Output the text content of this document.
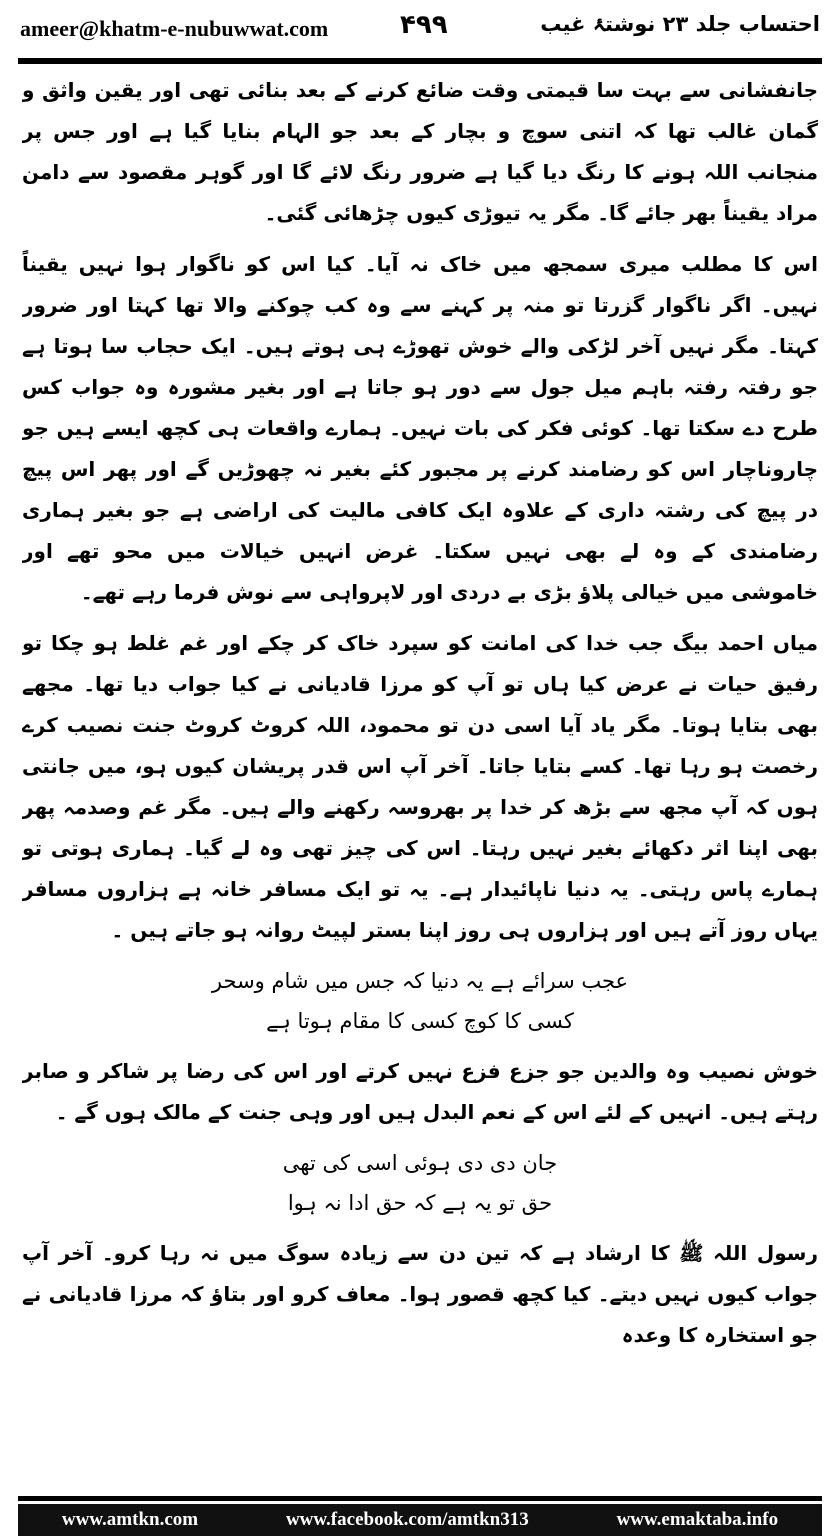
ameer@khatm-e-nubuwwat.com	۴۹۹	احتساب جلد ۲۳ نوشتۂ غیب

جانفشانی سے بہت سا قیمتی وقت ضائع کرنے کے بعد بنائی تھی اور یقین واثق و گمان غالب تھا کہ اتنی سوچ و بچار کے بعد جو الہام بنایا گیا ہے اور جس پر منجانب اللہ ہونے کا رنگ دیا گیا ہے ضرور رنگ لائے گا اور گوہر مقصود سے دامن مراد یقیناً بھر جائے گا۔ مگر یہ تیوڑی کیوں چڑھائی گئی۔

اس کا مطلب میری سمجھ میں خاک نہ آیا۔ کیا اس کو ناگوار ہوا نہیں یقیناً نہیں۔ اگر ناگوار گزرتا تو منہ پر کہنے سے وہ کب چوکنے والا تھا کہتا اور ضرور کہتا۔ مگر نہیں آخر لڑکی والے خوش تھوڑے ہی ہوتے ہیں۔ ایک حجاب سا ہوتا ہے جو رفتہ رفتہ باہم میل جول سے دور ہو جاتا ہے اور بغیر مشورہ وہ جواب کس طرح دے سکتا تھا۔ کوئی فکر کی بات نہیں۔ ہمارے واقعات ہی کچھ ایسے ہیں جو چاروناچار اس کو رضامند کرنے پر مجبور کئے بغیر نہ چھوڑیں گے اور پھر اس پیچ در پیچ کی رشتہ داری کے علاوہ ایک کافی مالیت کی اراضی ہے جو بغیر ہماری رضامندی کے وہ لے بھی نہیں سکتا۔ غرض انہیں خیالات میں محو تھے اور خاموشی میں خیالی پلاؤ بڑی بے دردی اور لاپرواہی سے نوش فرما رہے تھے۔

میاں احمد بیگ جب خدا کی امانت کو سپرد خاک کر چکے اور غم غلط ہو چکا تو رفیق حیات نے عرض کیا ہاں تو آپ کو مرزا قادیانی نے کیا جواب دیا تھا۔ مجھے بھی بتایا ہوتا۔ مگر یاد آیا اسی دن تو محمود، اللہ کروٹ کروٹ جنت نصیب کرے رخصت ہو رہا تھا۔ کسے بتایا جاتا۔ آخر آپ اس قدر پریشان کیوں ہو، میں جانتی ہوں کہ آپ مجھ سے بڑھ کر خدا پر بھروسہ رکھنے والے ہیں۔ مگر غم وصدمہ پھر بھی اپنا اثر دکھائے بغیر نہیں رہتا۔ اس کی چیز تھی وہ لے گیا۔ ہماری ہوتی تو ہمارے پاس رہتی۔ یہ دنیا ناپائیدار ہے۔ یہ تو ایک مسافر خانہ ہے ہزاروں مسافر یہاں روز آتے ہیں اور ہزاروں ہی روز اپنا بستر لپیٹ روانہ ہو جاتے ہیں ۔

عجب سرائے ہے یہ دنیا کہ جس میں شام وسحر
کسی کا کوچ کسی کا مقام ہوتا ہے

خوش نصیب وہ والدین جو جزع فزع نہیں کرتے اور اس کی رضا پر شاکر و صابر رہتے ہیں۔ انہیں کے لئے اس کے نعم البدل ہیں اور وہی جنت کے مالک ہوں گے ۔

جان دی دی ہوئی اسی کی تھی
حق تو یہ ہے کہ حق ادا نہ ہوا

رسول اللہ ﷺ کا ارشاد ہے کہ تین دن سے زیادہ سوگ میں نہ رہا کرو۔ آخر آپ جواب کیوں نہیں دیتے۔ کیا کچھ قصور ہوا۔ معاف کرو اور بتاؤ کہ مرزا قادیانی نے جو استخارہ کا وعدہ

www.amtkn.com	www.facebook.com/amtkn313	www.emaktaba.info
